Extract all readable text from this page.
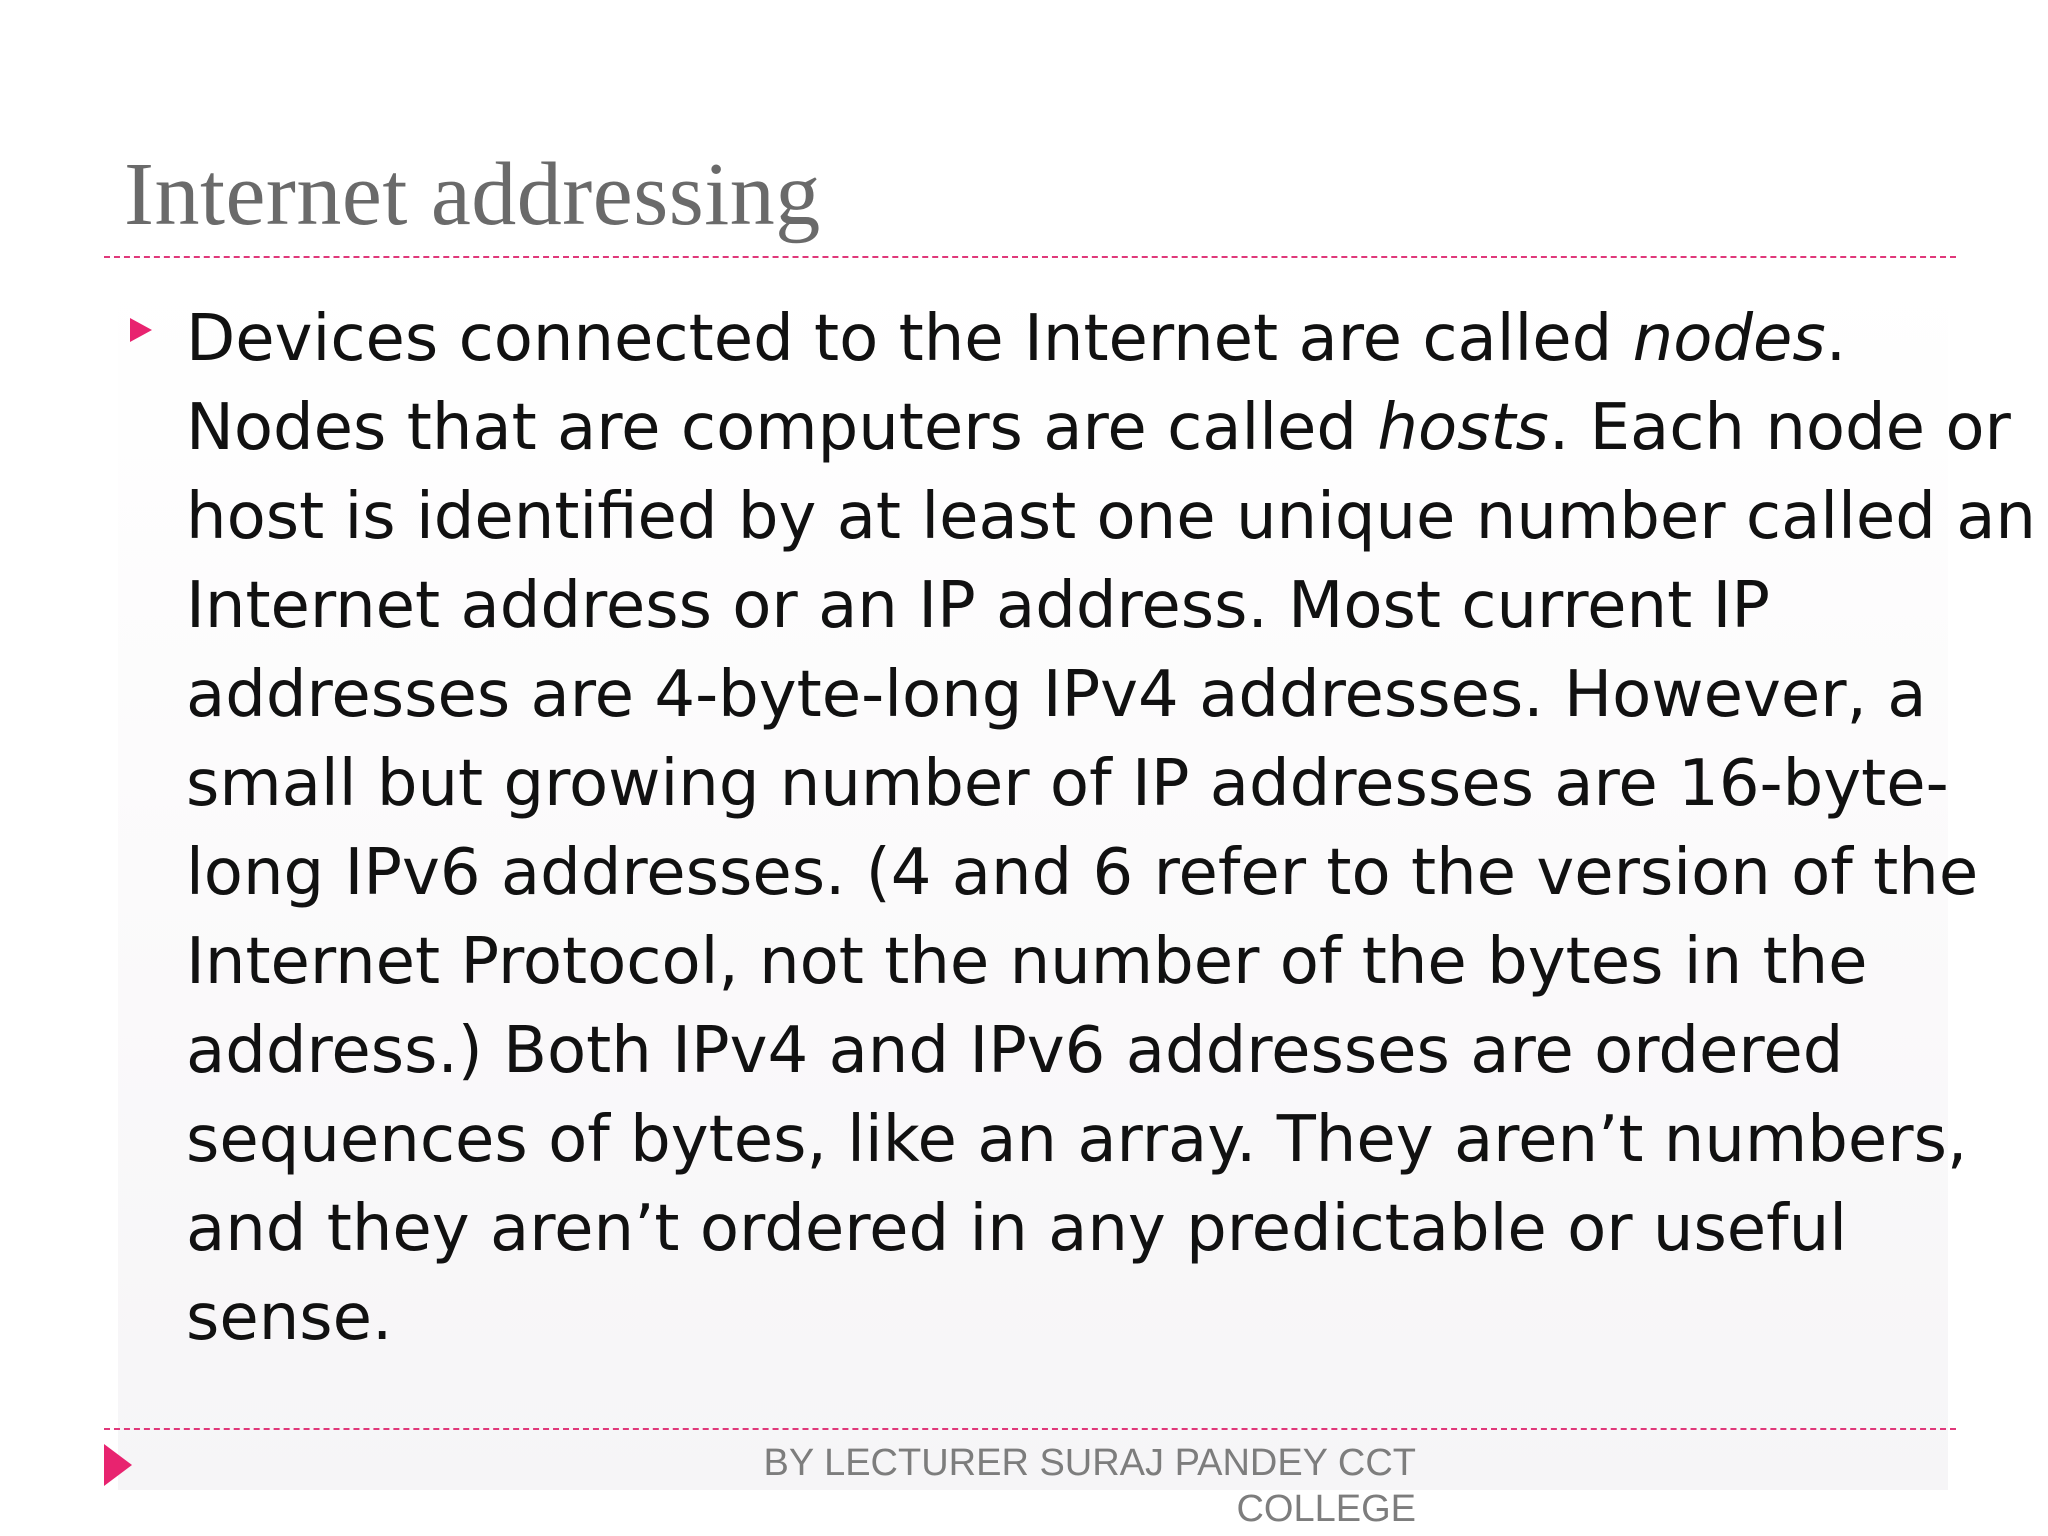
Internet addressing

Devices connected to the Internet are called nodes.
Nodes that are computers are called hosts. Each node or
host is identified by at least one unique number called an
Internet address or an IP address. Most current IP
addresses are 4-byte-long IPv4 addresses. However, a
small but growing number of IP addresses are 16-byte-
long IPv6 addresses. (4 and 6 refer to the version of the
Internet Protocol, not the number of the bytes in the
address.) Both IPv4 and IPv6 addresses are ordered
sequences of bytes, like an array. They aren’t numbers,
and they aren’t ordered in any predictable or useful
sense.

BY LECTURER SURAJ PANDEY CCT
COLLEGE
